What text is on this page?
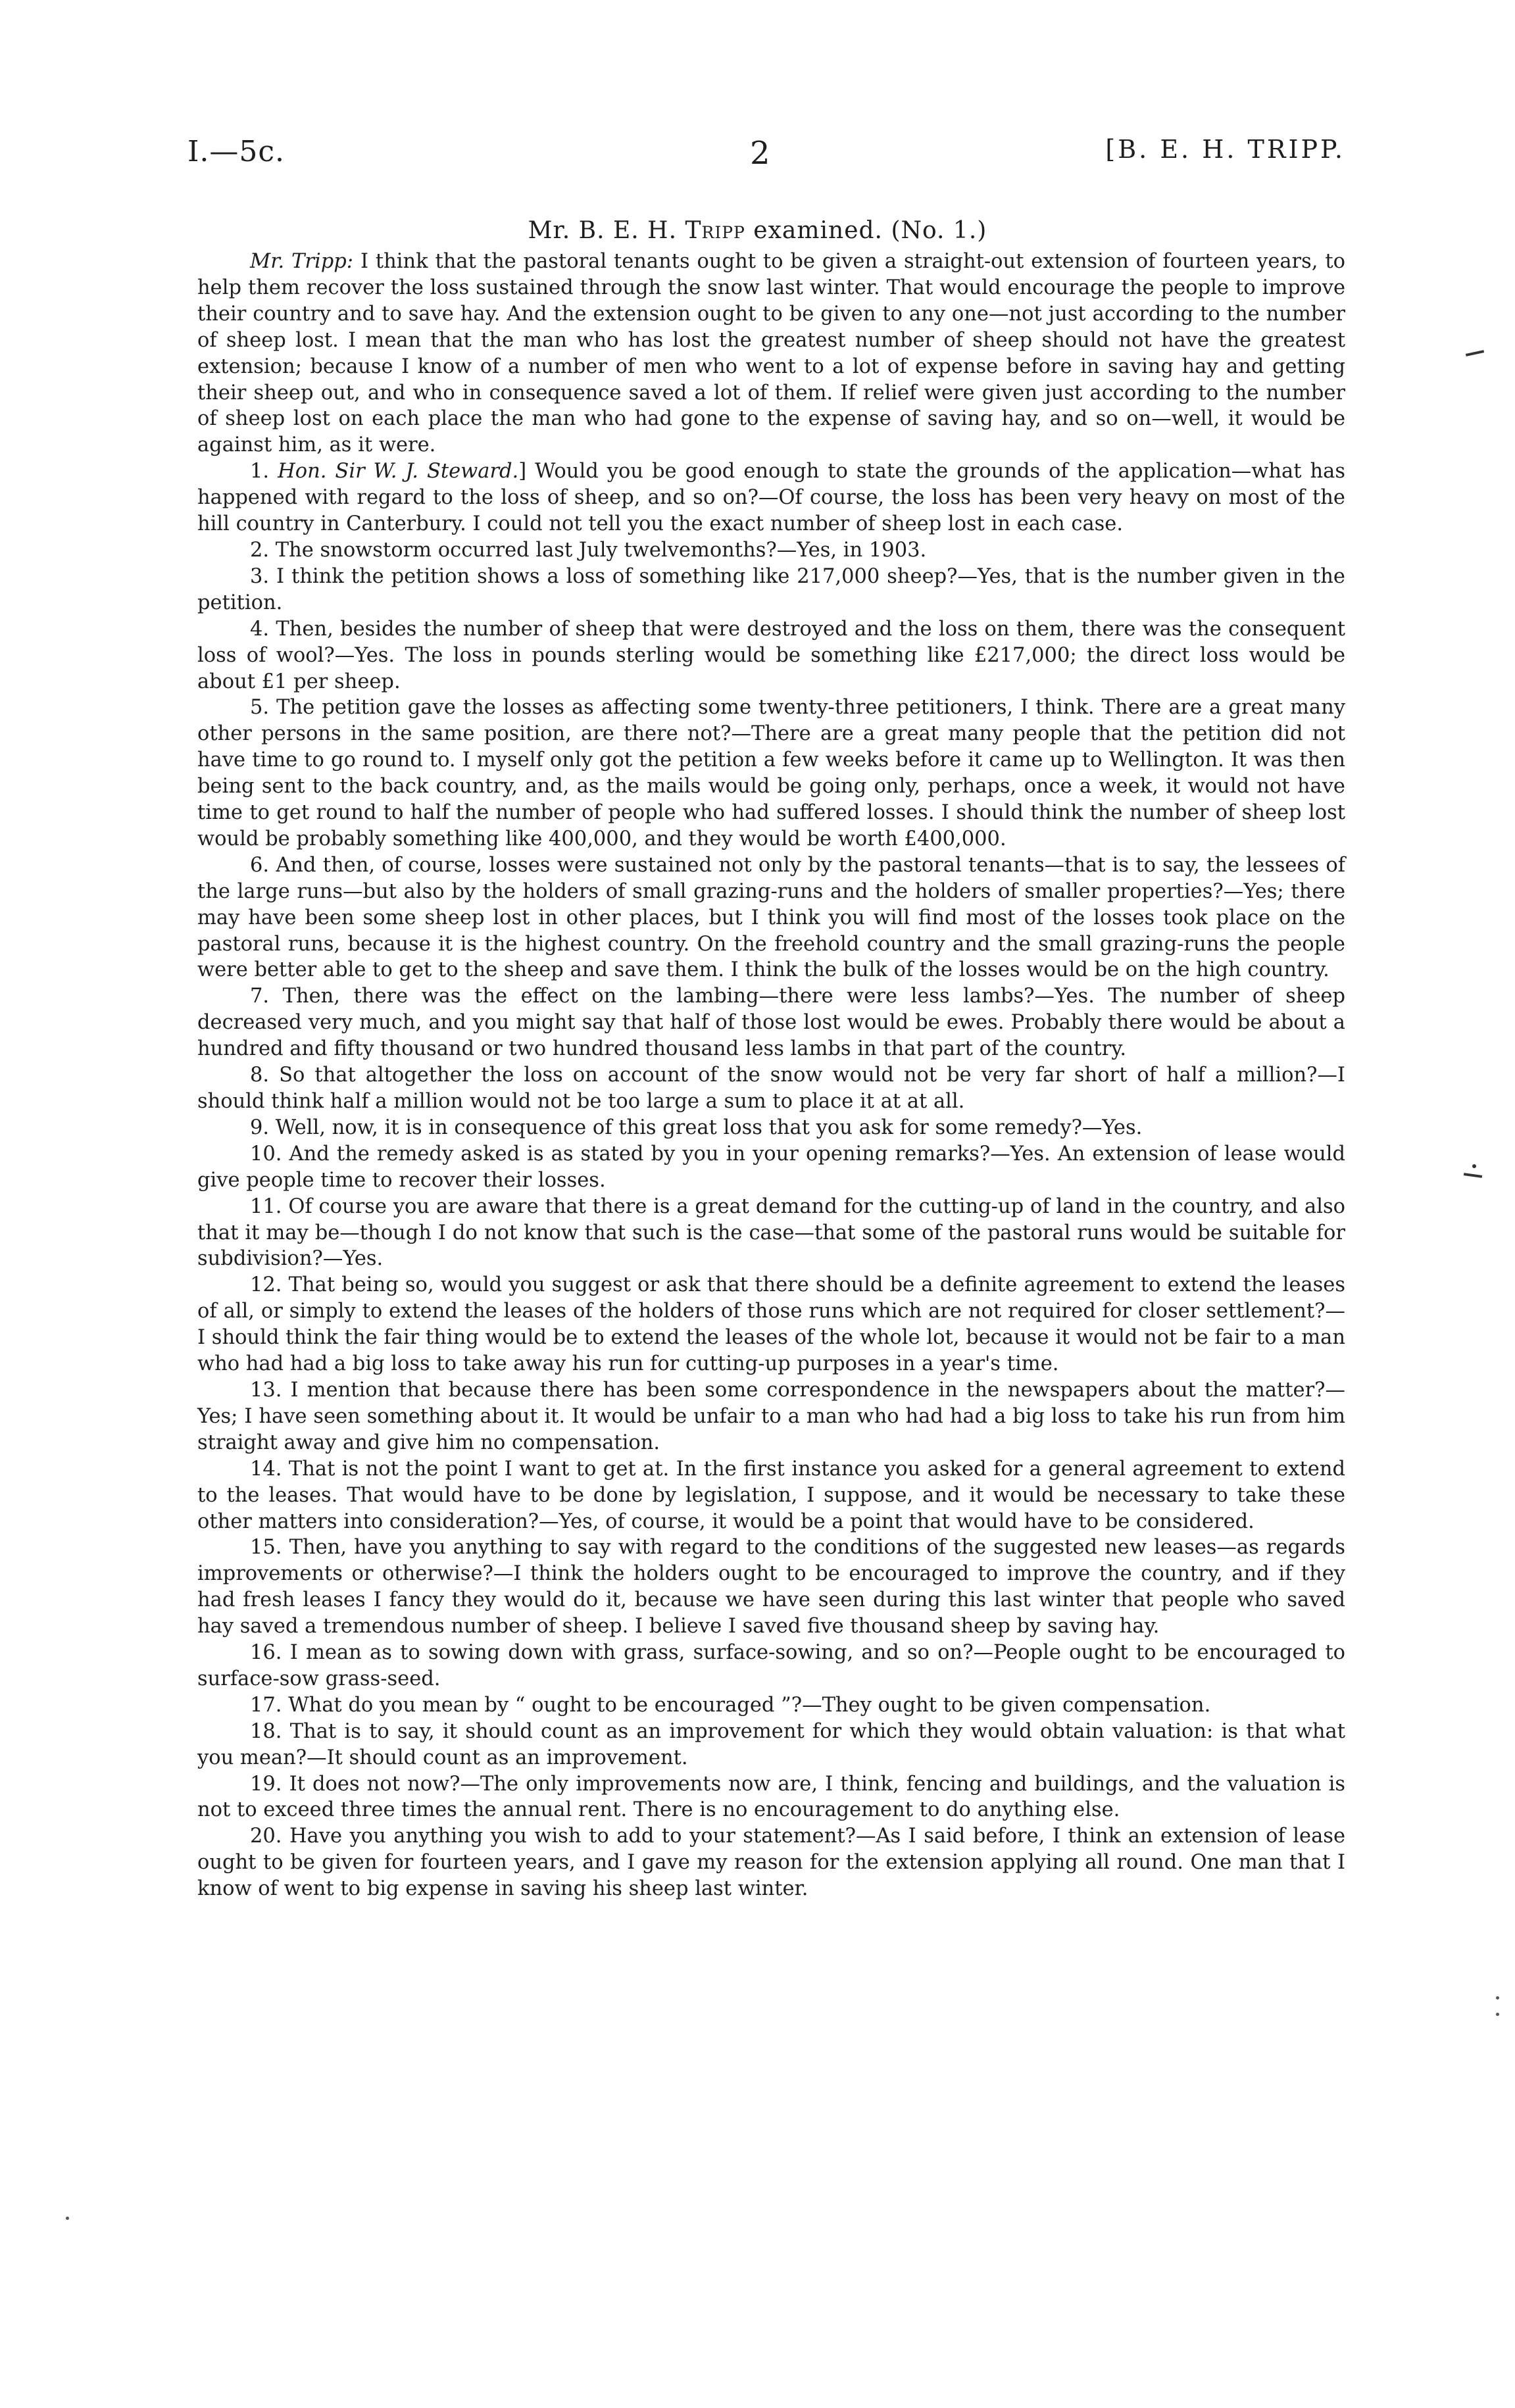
I.—5c.	2	[B. E. H. TRIPP.
Mr. B. E. H. Tripp examined. (No. 1.)

Mr. Tripp: I think that the pastoral tenants ought to be given a straight-out extension of fourteen years, to help them recover the loss sustained through the snow last winter. That would encourage the people to improve their country and to save hay. And the extension ought to be given to any one—not just according to the number of sheep lost. I mean that the man who has lost the greatest number of sheep should not have the greatest extension; because I know of a number of men who went to a lot of expense before in saving hay and getting their sheep out, and who in consequence saved a lot of them. If relief were given just according to the number of sheep lost on each place the man who had gone to the expense of saving hay, and so on—well, it would be against him, as it were.

1. Hon. Sir W. J. Steward.] Would you be good enough to state the grounds of the application—what has happened with regard to the loss of sheep, and so on?—Of course, the loss has been very heavy on most of the hill country in Canterbury. I could not tell you the exact number of sheep lost in each case.

2. The snowstorm occurred last July twelvemonths?—Yes, in 1903.

3. I think the petition shows a loss of something like 217,000 sheep?—Yes, that is the number given in the petition.

4. Then, besides the number of sheep that were destroyed and the loss on them, there was the consequent loss of wool?—Yes. The loss in pounds sterling would be something like £217,000; the direct loss would be about £1 per sheep.

5. The petition gave the losses as affecting some twenty-three petitioners, I think. There are a great many other persons in the same position, are there not?—There are a great many people that the petition did not have time to go round to. I myself only got the petition a few weeks before it came up to Wellington. It was then being sent to the back country, and, as the mails would be going only, perhaps, once a week, it would not have time to get round to half the number of people who had suffered losses. I should think the number of sheep lost would be probably something like 400,000, and they would be worth £400,000.

6. And then, of course, losses were sustained not only by the pastoral tenants—that is to say, the lessees of the large runs—but also by the holders of small grazing-runs and the holders of smaller properties?—Yes; there may have been some sheep lost in other places, but I think you will find most of the losses took place on the pastoral runs, because it is the highest country. On the freehold country and the small grazing-runs the people were better able to get to the sheep and save them. I think the bulk of the losses would be on the high country.

7. Then, there was the effect on the lambing—there were less lambs?—Yes. The number of sheep decreased very much, and you might say that half of those lost would be ewes. Probably there would be about a hundred and fifty thousand or two hundred thousand less lambs in that part of the country.

8. So that altogether the loss on account of the snow would not be very far short of half a million?—I should think half a million would not be too large a sum to place it at at all.

9. Well, now, it is in consequence of this great loss that you ask for some remedy?—Yes.

10. And the remedy asked is as stated by you in your opening remarks?—Yes. An extension of lease would give people time to recover their losses.

11. Of course you are aware that there is a great demand for the cutting-up of land in the country, and also that it may be—though I do not know that such is the case—that some of the pastoral runs would be suitable for subdivision?—Yes.

12. That being so, would you suggest or ask that there should be a definite agreement to extend the leases of all, or simply to extend the leases of the holders of those runs which are not required for closer settlement?—I should think the fair thing would be to extend the leases of the whole lot, because it would not be fair to a man who had had a big loss to take away his run for cutting-up purposes in a year's time.

13. I mention that because there has been some correspondence in the newspapers about the matter?—Yes; I have seen something about it. It would be unfair to a man who had had a big loss to take his run from him straight away and give him no compensation.

14. That is not the point I want to get at. In the first instance you asked for a general agreement to extend to the leases. That would have to be done by legislation, I suppose, and it would be necessary to take these other matters into consideration?—Yes, of course, it would be a point that would have to be considered.

15. Then, have you anything to say with regard to the conditions of the suggested new leases—as regards improvements or otherwise?—I think the holders ought to be encouraged to improve the country, and if they had fresh leases I fancy they would do it, because we have seen during this last winter that people who saved hay saved a tremendous number of sheep. I believe I saved five thousand sheep by saving hay.

16. I mean as to sowing down with grass, surface-sowing, and so on?—People ought to be encouraged to surface-sow grass-seed.

17. What do you mean by “ ought to be encouraged ”?—They ought to be given compensation.

18. That is to say, it should count as an improvement for which they would obtain valuation: is that what you mean?—It should count as an improvement.

19. It does not now?—The only improvements now are, I think, fencing and buildings, and the valuation is not to exceed three times the annual rent. There is no encouragement to do anything else.

20. Have you anything you wish to add to your statement?—As I said before, I think an extension of lease ought to be given for fourteen years, and I gave my reason for the extension applying all round. One man that I know of went to big expense in saving his sheep last winter.
